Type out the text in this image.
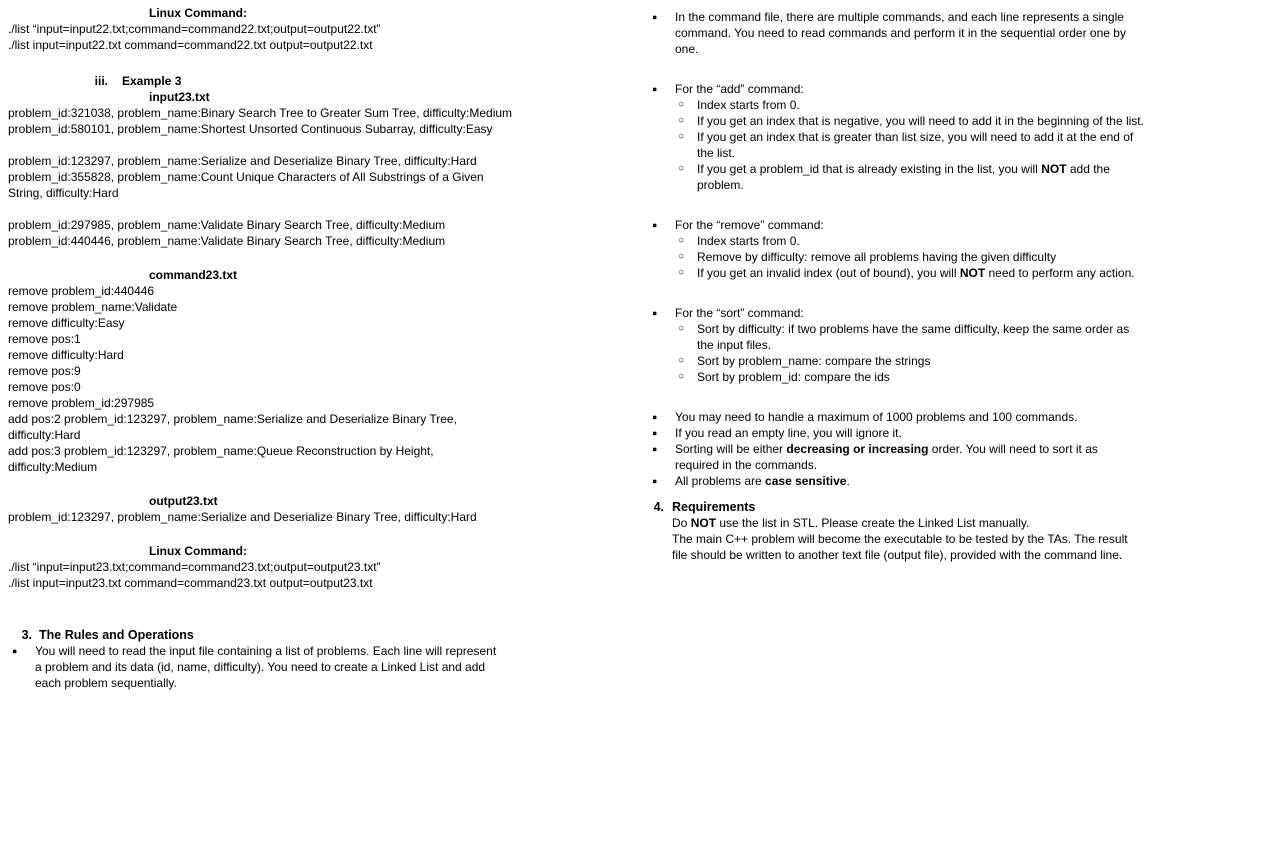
Linux Command:
./list “input=input22.txt;command=command22.txt;output=output22.txt”
./list input=input22.txt command=command22.txt output=output22.txt
iii.	Example 3
input23.txt
problem_id:321038, problem_name:Binary Search Tree to Greater Sum Tree, difficulty:Medium
problem_id:580101, problem_name:Shortest Unsorted Continuous Subarray, difficulty:Easy
problem_id:123297, problem_name:Serialize and Deserialize Binary Tree, difficulty:Hard
problem_id:355828, problem_name:Count Unique Characters of All Substrings of a Given
String, difficulty:Hard
problem_id:297985, problem_name:Validate Binary Search Tree, difficulty:Medium
problem_id:440446, problem_name:Validate Binary Search Tree, difficulty:Medium
command23.txt
remove problem_id:440446
remove problem_name:Validate
remove difficulty:Easy
remove pos:1
remove difficulty:Hard
remove pos:9
remove pos:0
remove problem_id:297985
add pos:2 problem_id:123297, problem_name:Serialize and Deserialize Binary Tree,
difficulty:Hard
add pos:3 problem_id:123297, problem_name:Queue Reconstruction by Height,
difficulty:Medium
output23.txt
problem_id:123297, problem_name:Serialize and Deserialize Binary Tree, difficulty:Hard
Linux Command:
./list “input=input23.txt;command=command23.txt;output=output23.txt”
./list input=input23.txt command=command23.txt output=output23.txt
3. The Rules and Operations
● You will need to read the input file containing a list of problems. Each line will represent
a problem and its data (id, name, difficulty). You need to create a Linked List and add
each problem sequentially.
● In the command file, there are multiple commands, and each line represents a single
command. You need to read commands and perform it in the sequential order one by
one.
● For the “add” command:
○ Index starts from 0.
○ If you get an index that is negative, you will need to add it in the beginning of the list.
○ If you get an index that is greater than list size, you will need to add it at the end of
the list.
○ If you get a problem_id that is already existing in the list, you will NOT add the
problem.
● For the “remove” command:
○ Index starts from 0.
○ Remove by difficulty: remove all problems having the given difficulty
○ If you get an invalid index (out of bound), you will NOT need to perform any action.
● For the “sort” command:
○ Sort by difficulty: if two problems have the same difficulty, keep the same order as
the input files.
○ Sort by problem_name: compare the strings
○ Sort by problem_id: compare the ids
● You may need to handle a maximum of 1000 problems and 100 commands.
● If you read an empty line, you will ignore it.
● Sorting will be either decreasing or increasing order. You will need to sort it as
required in the commands.
● All problems are case sensitive.
4. Requirements
Do NOT use the list in STL. Please create the Linked List manually.
The main C++ problem will become the executable to be tested by the TAs. The result
file should be written to another text file (output file), provided with the command line.
